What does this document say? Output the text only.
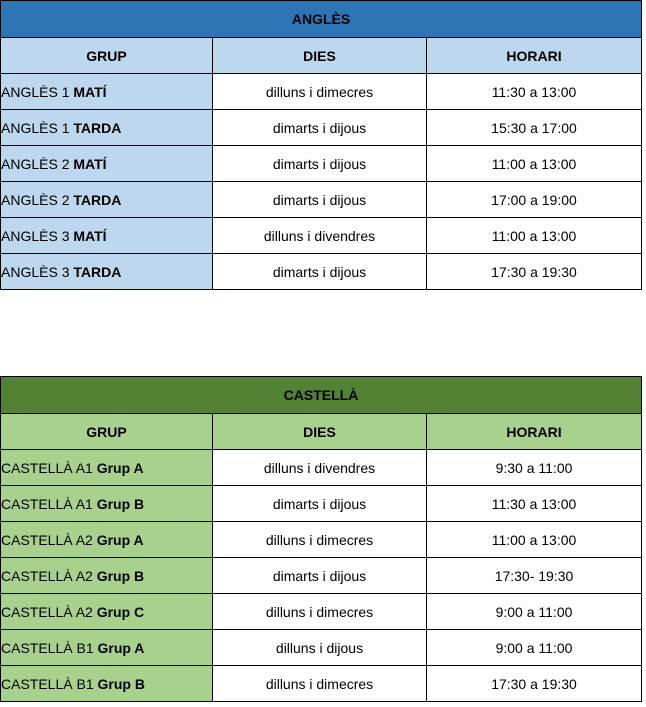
ANGLÈS		
GRUP	DIES	HORARI
ANGLÈS 1 MATÍ	dilluns i dimecres	11:30 a 13:00
ANGLÈS 1 TARDA	dimarts i dijous	15:30 a 17:00
ANGLÈS 2 MATÍ	dimarts i dijous	11:00 a 13:00
ANGLÈS 2 TARDA	dimarts i dijous	17:00 a 19:00
ANGLÈS 3 MATÍ	dilluns i divendres	11:00 a 13:00
ANGLÈS 3 TARDA	dimarts i dijous	17:30 a 19:30
CASTELLÀ		
GRUP	DIES	HORARI
CASTELLÀ A1 Grup A	dilluns i divendres	9:30 a 11:00
CASTELLÀ A1 Grup B	dimarts i dijous	11:30 a 13:00
CASTELLÀ A2 Grup A	dilluns i dimecres	11:00 a 13:00
CASTELLÀ A2 Grup B	dimarts i dijous	17:30- 19:30
CASTELLÀ A2 Grup C	dilluns i dimecres	9:00 a 11:00
CASTELLÀ B1 Grup A	dilluns i dijous	9:00 a 11:00
CASTELLÀ B1 Grup B	dilluns i dimecres	17:30 a 19:30
